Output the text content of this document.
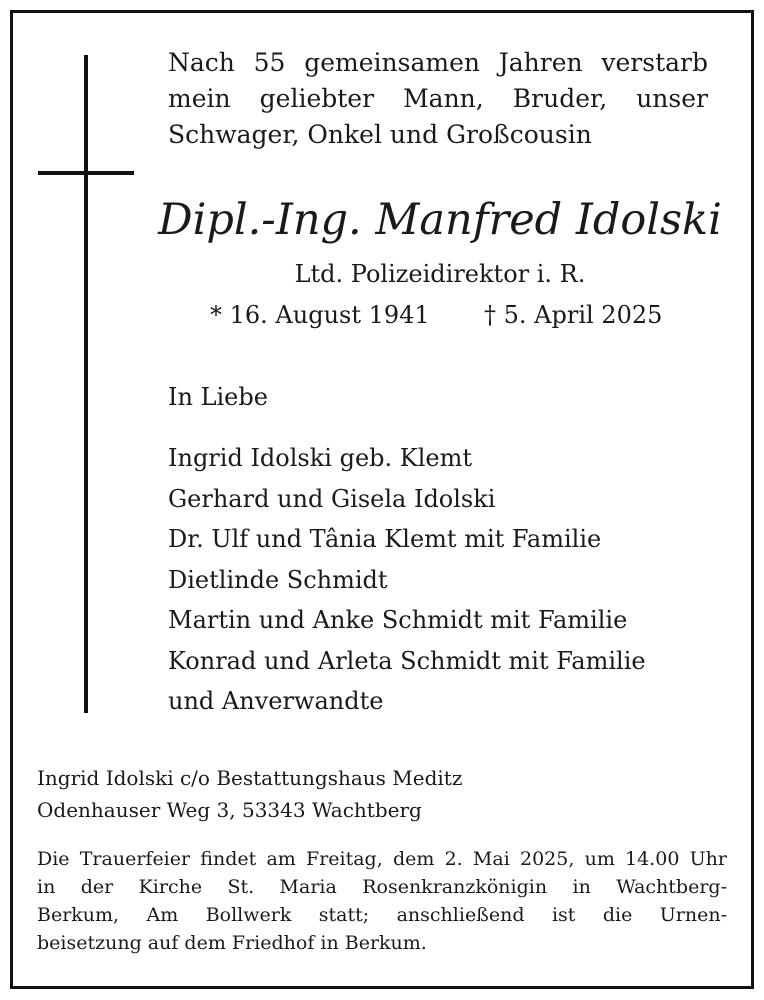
Nach 55 gemeinsamen Jahren verstarb
mein geliebter Mann, Bruder, unser
Schwager, Onkel und Großcousin
Dipl.-Ing. Manfred Idolski
Ltd. Polizeidirektor i. R.
* 16. August 1941 † 5. April 2025
In Liebe
Ingrid Idolski geb. Klemt
Gerhard und Gisela Idolski
Dr. Ulf und Tânia Klemt mit Familie
Dietlinde Schmidt
Martin und Anke Schmidt mit Familie
Konrad und Arleta Schmidt mit Familie
und Anverwandte
Ingrid Idolski c/o Bestattungshaus Meditz
Odenhauser Weg 3, 53343 Wachtberg
Die Trauerfeier findet am Freitag, dem 2. Mai 2025, um 14.00 Uhr
in der Kirche St. Maria Rosenkranzkönigin in Wachtberg-
Berkum, Am Bollwerk statt; anschließend ist die Urnen-
beisetzung auf dem Friedhof in Berkum.
